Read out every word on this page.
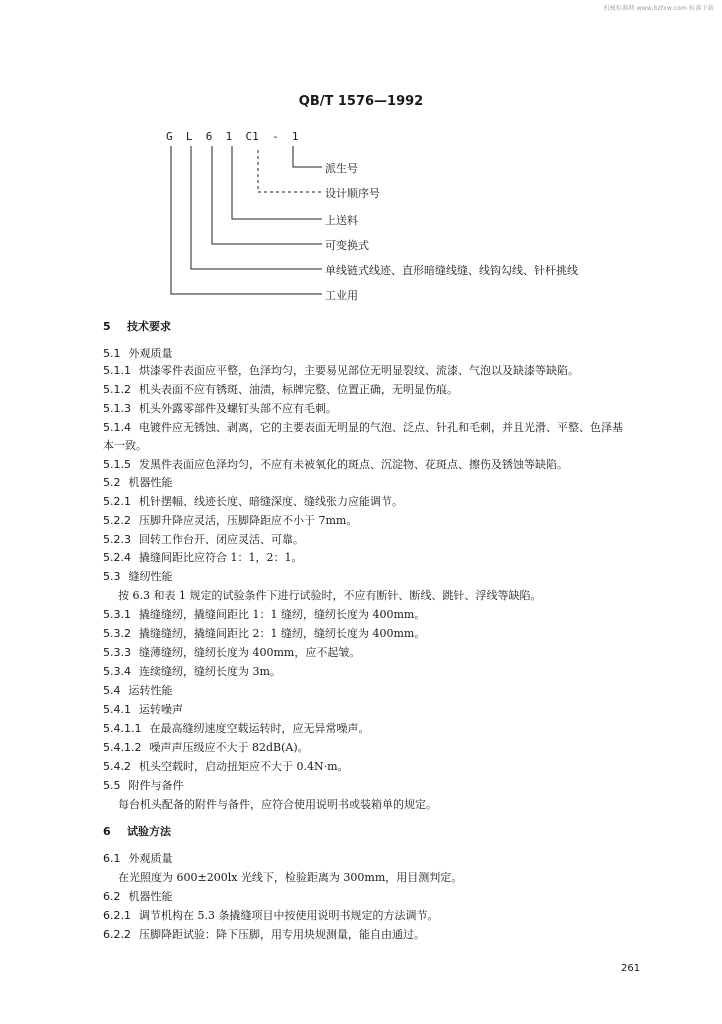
机械标准网 www.bzfxw.com 标准下载
QB/T 1576—1992
G  L  6  1  C1  -  1
派生号
设计顺序号
上送料
可变换式
单线链式线迹、直形暗缝线缝、线钩勾线、针杆挑线
工业用
5 技术要求
5.1 外观质量
5.1.1 烘漆零件表面应平整，色泽均匀，主要易见部位无明显裂纹、流漆、气泡以及缺漆等缺陷。
5.1.2 机头表面不应有锈斑、油渍，标牌完整、位置正确，无明显伤痕。
5.1.3 机头外露零部件及螺钉头部不应有毛刺。
5.1.4 电镀件应无锈蚀、剥离，它的主要表面无明显的气泡、泛点、针孔和毛刺，并且光滑、平整、色泽基
本一致。
5.1.5 发黑件表面应色泽均匀，不应有未被氧化的斑点、沉淀物、花斑点、擦伤及锈蚀等缺陷。
5.2 机器性能
5.2.1 机针摆幅、线迹长度、暗缝深度、缝线张力应能调节。
5.2.2 压脚升降应灵活，压脚降距应不小于 7mm。
5.2.3 回转工作台开、闭应灵活、可靠。
5.2.4 撬缝间距比应符合 1：1，2：1。
5.3 缝纫性能
按 6.3 和表 1 规定的试验条件下进行试验时，不应有断针、断线、跳针、浮线等缺陷。
5.3.1 撬缝缝纫，撬缝间距比 1：1 缝纫，缝纫长度为 400mm。
5.3.2 撬缝缝纫，撬缝间距比 2：1 缝纫，缝纫长度为 400mm。
5.3.3 缝薄缝纫，缝纫长度为 400mm，应不起皱。
5.3.4 连续缝纫，缝纫长度为 3m。
5.4 运转性能
5.4.1 运转噪声
5.4.1.1 在最高缝纫速度空载运转时，应无异常噪声。
5.4.1.2 噪声声压级应不大于 82dB(A)。
5.4.2 机头空载时，启动扭矩应不大于 0.4N·m。
5.5 附件与备件
每台机头配备的附件与备件，应符合使用说明书或装箱单的规定。
6 试验方法
6.1 外观质量
在光照度为 600±200lx 光线下，检验距离为 300mm，用目测判定。
6.2 机器性能
6.2.1 调节机构在 5.3 条撬缝项目中按使用说明书规定的方法调节。
6.2.2 压脚降距试验：降下压脚，用专用块规测量，能自由通过。
261
